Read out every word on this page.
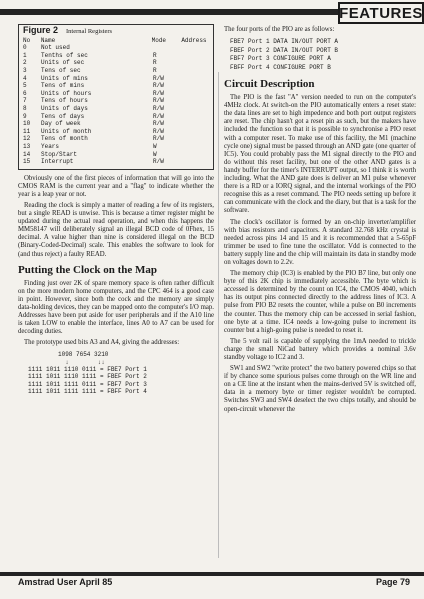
FEATURES
Figure 2 Internal Registers
No	Name	Mode	Address
0	Not used
1	Tenths of sec	R
2	Units of sec	R
3	Tens of sec	R
4	Units of mins	R/W
5	Tens of mins	R/W
6	Units of hours	R/W
7	Tens of hours	R/W
8	Units of days	R/W
9	Tens of days	R/W
10	Day of week	R/W
11	Units of month	R/W
12	Tens of month	R/W
13	Years	W
14	Stop/Start	W
15	Interrupt	R/W

Obviously one of the first pieces of information that will go into the CMOS RAM is the current year and a "flag" to indicate whether the year is a leap year or not.

Reading the clock is simply a matter of reading a few of its registers, but a single READ is unwise. This is because a timer register might be updated during the actual read operation, and when this happens the MM58147 will deliberately signal an illegal BCD code of 0Fhex, 15 decimal. A value higher than nine is considered illegal on the BCD (Binary-Coded-Decimal) scale. This enables the software to look for (and thus reject) a faulty READ.

Putting the Clock on the Map

Finding just over 2K of spare memory space is often rather difficult on the more modern home computers, and the CPC 464 is a good case in point. However, since both the cock and the memory are simply data-holding devices, they can be mapped onto the computer's I/O map. Addresses have been put aside for user peripherals and if the A10 line is taken LOW to enable the interface, lines A0 to A7 can be used for decoding duties.

The prototype used bits A3 and A4, giving the addresses:

1098 7654 3210
↓        ↓↓
1111 1011 1110 0111 = FBE7 Port 1
1111 1011 1110 1111 = FBEF Port 2
1111 1011 1111 0111 = FBF7 Port 3
1111 1011 1111 1111 = FBFF Port 4

The four ports of the PIO are as follows:

FBE7 Port 1 DATA IN/OUT PORT A
FBEF Port 2 DATA IN/OUT PORT B
FBF7 Port 3 CONFIGURE PORT A
FBFF Port 4 CONFIGURE PORT B
Circuit Description

The PIO is the fast "A" version needed to run on the computer's 4MHz clock. At switch-on the PIO automatically enters a reset state: the data lines are set to high impedence and both port output registers are reset. The chip hasn't got a reset pin as such, but the makers have included the function so that it is possible to synchronise a PIO reset with a computer reset. To make use of this facility, the M1 (machine cycle one) signal must be passed through an AND gate (one quarter of IC5). You could probably pass the M1 signal directly to the PIO and do without this reset facility, but one of the other AND gates is a handy buffer for the timer's INTERRUPT output, so I think it is worth including. What the AND gate does is deliver an M1 pulse whenever there is a RD or a IORQ signal, and the internal workings of the PIO recognise this as a reset command. The PIO needs setting up before it can communicate with the clock and the diary, but that is a task for the software.

The clock's oscillator is formed by an on-chip inverter/amplifier with bias resistors and capacitors. A standard 32.768 kHz crystal is needed across pins 14 and 15 and it is recommended that a 5-65pF trimmer be used to fine tune the oscillator. Vdd is connected to the battery supply line and the chip will maintain its data in standby mode on voltages down to 2.2v.

The memory chip (IC3) is enabled by the PIO B7 line, but only one byte of this 2K chip is immediately accessible. The byte which is accessed is determined by the count on IC4, the CMOS 4040, which has its output pins connected directly to the address lines of IC3. A pulse from PIO B2 resets the counter, while a pulse on B0 increments the counter. Thus the memory chip can be accessed in serial fashion, one byte at a time. IC4 needs a low-going pulse to increment its counter but a high-going pulse is needed to reset it.

The 5 volt rail is capable of supplying the 1mA needed to trickle charge the small NiCad battery which provides a nominal 3.6v standby voltage to IC2 and 3.

SW1 and SW2 "write protect" the two battery powered chips so that if by chance some spurious pulses come through on the WR line and on a CE line at the instant when the mains-derived 5V is switched off, data in a memory byte or timer register wouldn't be corrupted. Switches SW3 and SW4 deselect the two chips totally, and should be open-circuit whenever the

Amstrad User April 85	Page 79
